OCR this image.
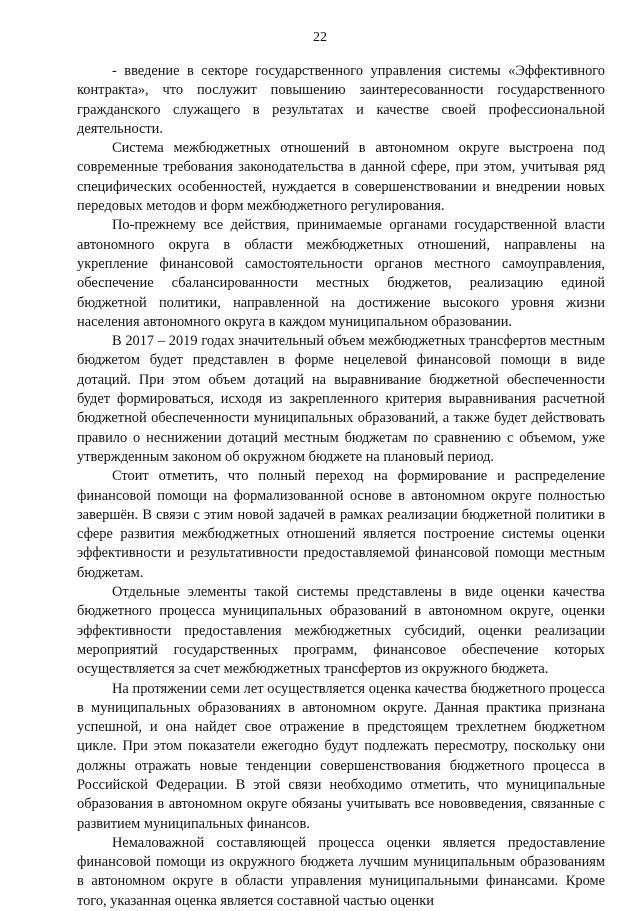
22

- введение в секторе государственного управления системы «Эффективного контракта», что послужит повышению заинтересованности государственного гражданского служащего в результатах и качестве своей профессиональной деятельности.

Система межбюджетных отношений в автономном округе выстроена под современные требования законодательства в данной сфере, при этом, учитывая ряд специфических особенностей, нуждается в совершенствовании и внедрении новых передовых методов и форм межбюджетного регулирования.

По-прежнему все действия, принимаемые органами государственной власти автономного округа в области межбюджетных отношений, направлены на укрепление финансовой самостоятельности органов местного самоуправления, обеспечение сбалансированности местных бюджетов, реализацию единой бюджетной политики, направленной на достижение высокого уровня жизни населения автономного округа в каждом муниципальном образовании.

В 2017 – 2019 годах значительный объем межбюджетных трансфертов местным бюджетом будет представлен в форме нецелевой финансовой помощи в виде дотаций. При этом объем дотаций на выравнивание бюджетной обеспеченности будет формироваться, исходя из закрепленного критерия выравнивания расчетной бюджетной обеспеченности муниципальных образований, а также будет действовать правило о неснижении дотаций местным бюджетам по сравнению с объемом, уже утвержденным законом об окружном бюджете на плановый период.

Стоит отметить, что полный переход на формирование и распределение финансовой помощи на формализованной основе в автономном округе полностью завершён. В связи с этим новой задачей в рамках реализации бюджетной политики в сфере развития межбюджетных отношений является построение системы оценки эффективности и результативности предоставляемой финансовой помощи местным бюджетам.

Отдельные элементы такой системы представлены в виде оценки качества бюджетного процесса муниципальных образований в автономном округе, оценки эффективности предоставления межбюджетных субсидий, оценки реализации мероприятий государственных программ, финансовое обеспечение которых осуществляется за счет межбюджетных трансфертов из окружного бюджета.

На протяжении семи лет осуществляется оценка качества бюджетного процесса в муниципальных образованиях в автономном округе. Данная практика признана успешной, и она найдет свое отражение в предстоящем трехлетнем бюджетном цикле. При этом показатели ежегодно будут подлежать пересмотру, поскольку они должны отражать новые тенденции совершенствования бюджетного процесса в Российской Федерации. В этой связи необходимо отметить, что муниципальные образования в автономном округе обязаны учитывать все нововведения, связанные с развитием муниципальных финансов.

Немаловажной составляющей процесса оценки является предоставление финансовой помощи из окружного бюджета лучшим муниципальным образованиям в автономном округе в области управления муниципальными финансами. Кроме того, указанная оценка является составной частью оценки
